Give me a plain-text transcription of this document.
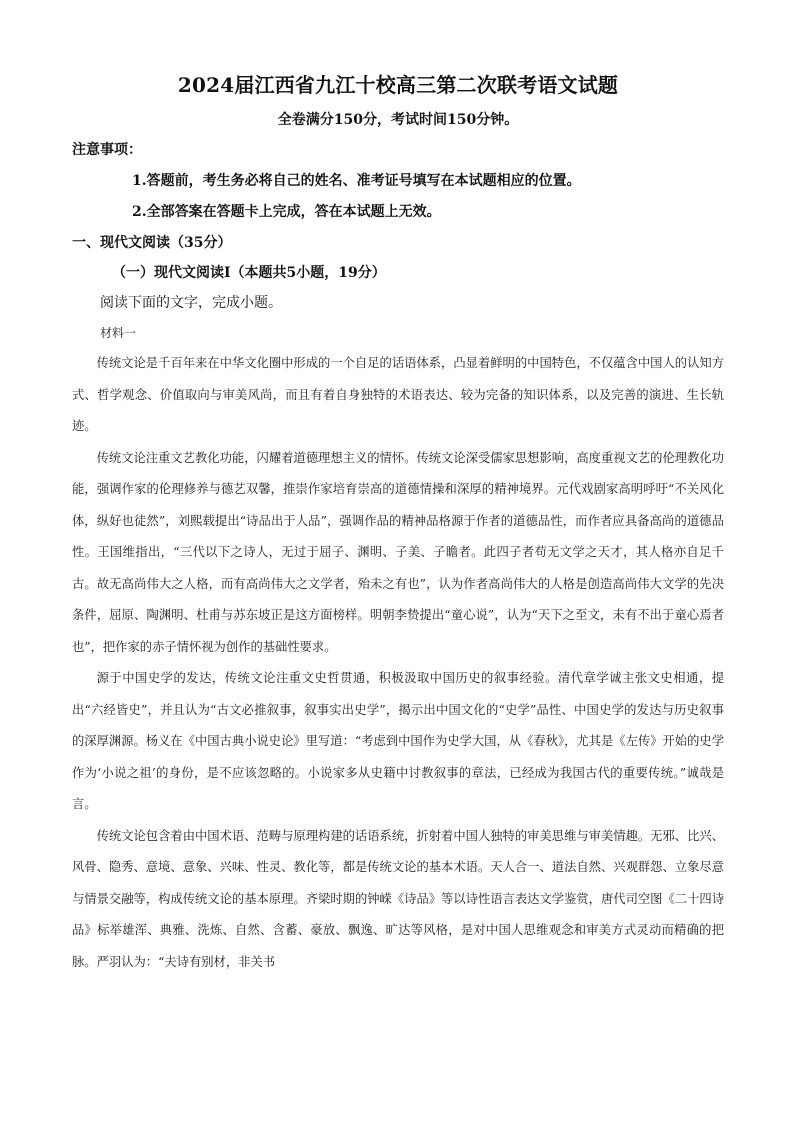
2024届江西省九江十校高三第二次联考语文试题
全卷满分150分，考试时间150分钟。
注意事项：
1.答题前，考生务必将自己的姓名、准考证号填写在本试题相应的位置。
2.全部答案在答题卡上完成，答在本试题上无效。
一、现代文阅读（35分）
（一）现代文阅读Ⅰ（本题共5小题，19分）
阅读下面的文字，完成小题。
材料一

传统文论是千百年来在中华文化圈中形成的一个自足的话语体系，凸显着鲜明的中国特色，不仅蕴含中国人的认知方式、哲学观念、价值取向与审美风尚，而且有着自身独特的术语表达、较为完备的知识体系，以及完善的演进、生长轨迹。

传统文论注重文艺教化功能，闪耀着道德理想主义的情怀。传统文论深受儒家思想影响，高度重视文艺的伦理教化功能，强调作家的伦理修养与德艺双馨，推崇作家培育崇高的道德情操和深厚的精神境界。元代戏剧家高明呼吁“不关风化体，纵好也徒然”，刘熙载提出“诗品出于人品”，强调作品的精神品格源于作者的道德品性，而作者应具备高尚的道德品性。王国维指出，“三代以下之诗人，无过于屈子、渊明、子美、子瞻者。此四子者苟无文学之天才，其人格亦自足千古。故无高尚伟大之人格，而有高尚伟大之文学者，殆未之有也”，认为作者高尚伟大的人格是创造高尚伟大文学的先决条件，屈原、陶渊明、杜甫与苏东坡正是这方面榜样。明朝李贽提出“童心说”，认为“天下之至文，未有不出于童心焉者也”，把作家的赤子情怀视为创作的基础性要求。

源于中国史学的发达，传统文论注重文史哲贯通，积极汲取中国历史的叙事经验。清代章学诚主张文史相通，提出“六经皆史”，并且认为“古文必推叙事，叙事实出史学”，揭示出中国文化的“史学”品性、中国史学的发达与历史叙事的深厚渊源。杨义在《中国古典小说史论》里写道：“考虑到中国作为史学大国，从《春秋》，尤其是《左传》开始的史学作为‘小说之祖’的身份，是不应该忽略的。小说家多从史籍中讨教叙事的章法，已经成为我国古代的重要传统。”诚哉是言。

传统文论包含着由中国术语、范畴与原理构建的话语系统，折射着中国人独特的审美思维与审美情趣。无邪、比兴、风骨、隐秀、意境、意象、兴味、性灵、教化等，都是传统文论的基本术语。天人合一、道法自然、兴观群怨、立象尽意与情景交融等，构成传统文论的基本原理。齐梁时期的钟嵘《诗品》等以诗性语言表达文学鉴赏，唐代司空图《二十四诗品》标举雄浑、典雅、洗炼、自然、含蓄、豪放、飘逸、旷达等风格，是对中国人思维观念和审美方式灵动而精确的把脉。严羽认为：“夫诗有别材，非关书
